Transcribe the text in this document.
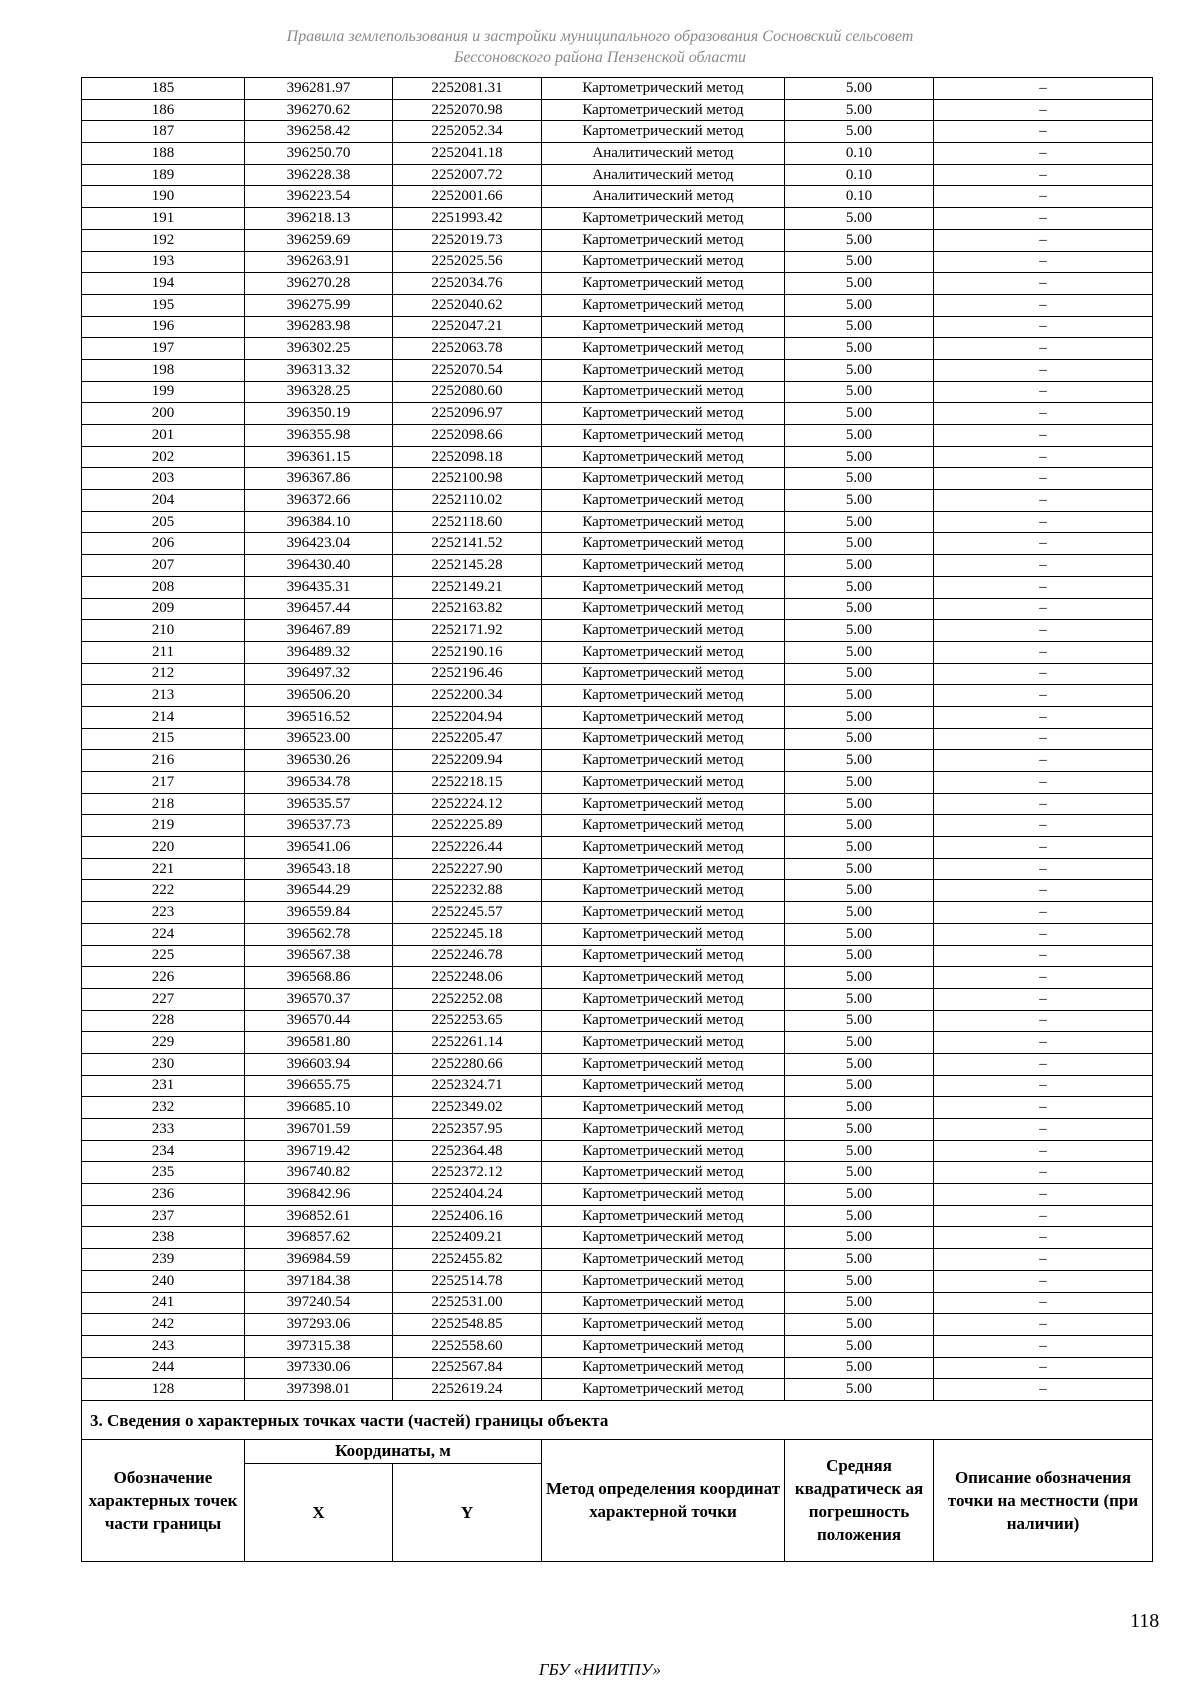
Правила землепользования и застройки муниципального образования Сосновский сельсовет
Бессоновского района Пензенской области
185	396281.97	2252081.31	Картометрический метод	5.00	–
186	396270.62	2252070.98	Картометрический метод	5.00	–
187	396258.42	2252052.34	Картометрический метод	5.00	–
188	396250.70	2252041.18	Аналитический метод	0.10	–
189	396228.38	2252007.72	Аналитический метод	0.10	–
190	396223.54	2252001.66	Аналитический метод	0.10	–
191	396218.13	2251993.42	Картометрический метод	5.00	–
192	396259.69	2252019.73	Картометрический метод	5.00	–
193	396263.91	2252025.56	Картометрический метод	5.00	–
194	396270.28	2252034.76	Картометрический метод	5.00	–
195	396275.99	2252040.62	Картометрический метод	5.00	–
196	396283.98	2252047.21	Картометрический метод	5.00	–
197	396302.25	2252063.78	Картометрический метод	5.00	–
198	396313.32	2252070.54	Картометрический метод	5.00	–
199	396328.25	2252080.60	Картометрический метод	5.00	–
200	396350.19	2252096.97	Картометрический метод	5.00	–
201	396355.98	2252098.66	Картометрический метод	5.00	–
202	396361.15	2252098.18	Картометрический метод	5.00	–
203	396367.86	2252100.98	Картометрический метод	5.00	–
204	396372.66	2252110.02	Картометрический метод	5.00	–
205	396384.10	2252118.60	Картометрический метод	5.00	–
206	396423.04	2252141.52	Картометрический метод	5.00	–
207	396430.40	2252145.28	Картометрический метод	5.00	–
208	396435.31	2252149.21	Картометрический метод	5.00	–
209	396457.44	2252163.82	Картометрический метод	5.00	–
210	396467.89	2252171.92	Картометрический метод	5.00	–
211	396489.32	2252190.16	Картометрический метод	5.00	–
212	396497.32	2252196.46	Картометрический метод	5.00	–
213	396506.20	2252200.34	Картометрический метод	5.00	–
214	396516.52	2252204.94	Картометрический метод	5.00	–
215	396523.00	2252205.47	Картометрический метод	5.00	–
216	396530.26	2252209.94	Картометрический метод	5.00	–
217	396534.78	2252218.15	Картометрический метод	5.00	–
218	396535.57	2252224.12	Картометрический метод	5.00	–
219	396537.73	2252225.89	Картометрический метод	5.00	–
220	396541.06	2252226.44	Картометрический метод	5.00	–
221	396543.18	2252227.90	Картометрический метод	5.00	–
222	396544.29	2252232.88	Картометрический метод	5.00	–
223	396559.84	2252245.57	Картометрический метод	5.00	–
224	396562.78	2252245.18	Картометрический метод	5.00	–
225	396567.38	2252246.78	Картометрический метод	5.00	–
226	396568.86	2252248.06	Картометрический метод	5.00	–
227	396570.37	2252252.08	Картометрический метод	5.00	–
228	396570.44	2252253.65	Картометрический метод	5.00	–
229	396581.80	2252261.14	Картометрический метод	5.00	–
230	396603.94	2252280.66	Картометрический метод	5.00	–
231	396655.75	2252324.71	Картометрический метод	5.00	–
232	396685.10	2252349.02	Картометрический метод	5.00	–
233	396701.59	2252357.95	Картометрический метод	5.00	–
234	396719.42	2252364.48	Картометрический метод	5.00	–
235	396740.82	2252372.12	Картометрический метод	5.00	–
236	396842.96	2252404.24	Картометрический метод	5.00	–
237	396852.61	2252406.16	Картометрический метод	5.00	–
238	396857.62	2252409.21	Картометрический метод	5.00	–
239	396984.59	2252455.82	Картометрический метод	5.00	–
240	397184.38	2252514.78	Картометрический метод	5.00	–
241	397240.54	2252531.00	Картометрический метод	5.00	–
242	397293.06	2252548.85	Картометрический метод	5.00	–
243	397315.38	2252558.60	Картометрический метод	5.00	–
244	397330.06	2252567.84	Картометрический метод	5.00	–
128	397398.01	2252619.24	Картометрический метод	5.00	–
3. Сведения о характерных точках части (частей) границы объекта					
Обозначение характерных точек части границы	Координаты, м		Метод определения координат характерной точки	Средняя квадратическ ая погрешность положения	Описание обозначения точки на местности (при наличии)
	X	Y			
118
ГБУ «НИИТПУ»
